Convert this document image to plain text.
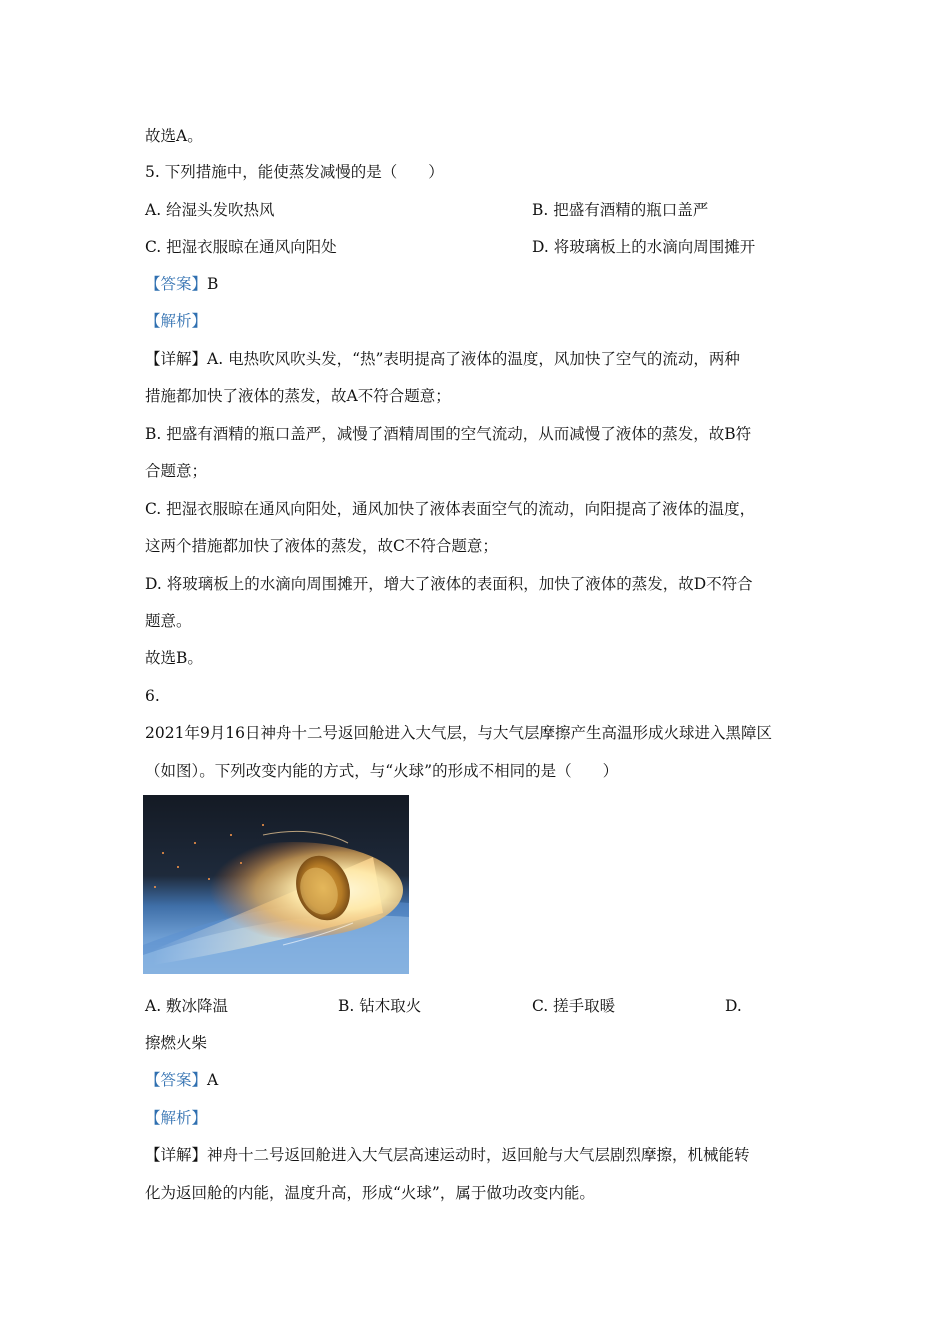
故选A。
5. 下列措施中，能使蒸发减慢的是（　　）
A. 给湿头发吹热风	B. 把盛有酒精的瓶口盖严
C. 把湿衣服晾在通风向阳处	D. 将玻璃板上的水滴向周围摊开
【答案】B
【解析】
【详解】A. 电热吹风吹头发，“热”表明提高了液体的温度，风加快了空气的流动，两种
措施都加快了液体的蒸发，故A不符合题意；
B. 把盛有酒精的瓶口盖严，减慢了酒精周围的空气流动，从而减慢了液体的蒸发，故B符
合题意；
C. 把湿衣服晾在通风向阳处，通风加快了液体表面空气的流动，向阳提高了液体的温度，
这两个措施都加快了液体的蒸发，故C不符合题意；
D. 将玻璃板上的水滴向周围摊开，增大了液体的表面积，加快了液体的蒸发，故D不符合
题意。
故选B。
6.
2021年9月16日神舟十二号返回舱进入大气层，与大气层摩擦产生高温形成火球进入黑障区
（如图）。下列改变内能的方式，与“火球”的形成不相同的是（　　）
A. 敷冰降温	B. 钻木取火	C. 搓手取暖	D.
擦燃火柴
【答案】A
【解析】
【详解】神舟十二号返回舱进入大气层高速运动时，返回舱与大气层剧烈摩擦，机械能转
化为返回舱的内能，温度升高，形成“火球”，属于做功改变内能。
